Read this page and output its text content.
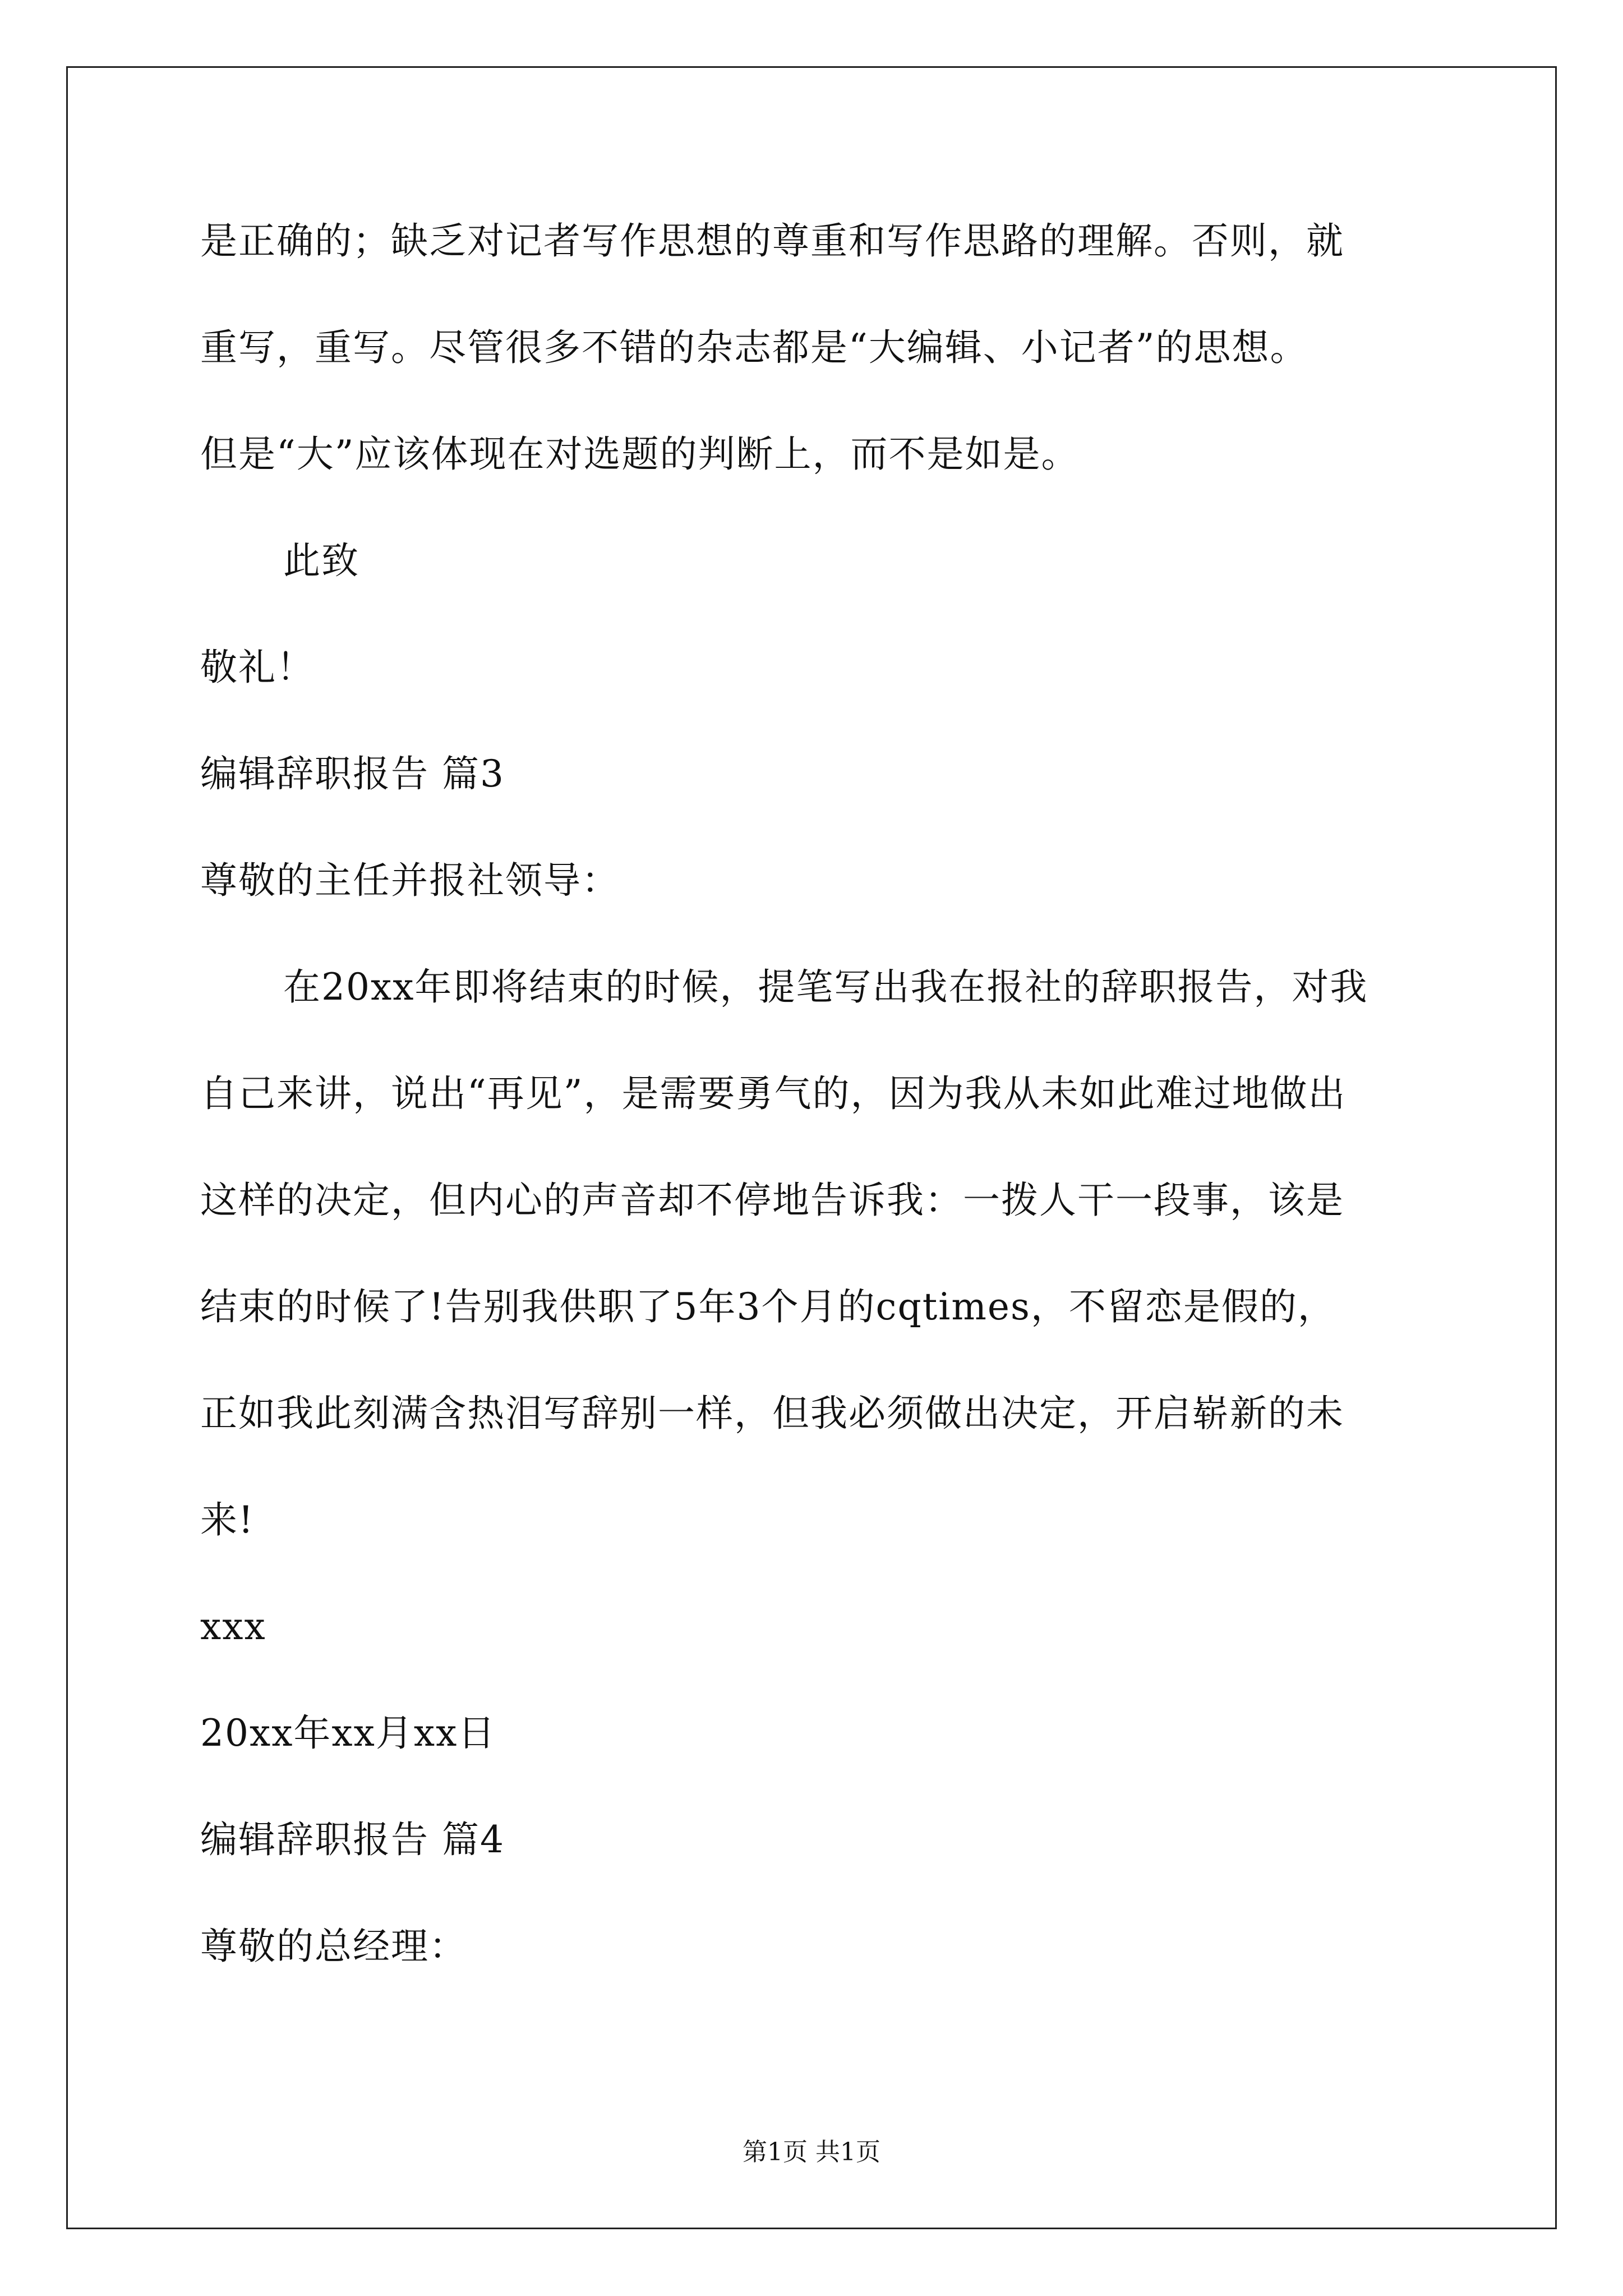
是正确的；缺乏对记者写作思想的尊重和写作思路的理解。否则，就
重写，重写。尽管很多不错的杂志都是“大编辑、小记者”的思想。
但是“大”应该体现在对选题的判断上，而不是如是。
此致
敬礼！
编辑辞职报告 篇3
尊敬的主任并报社领导：
在20xx年即将结束的时候，提笔写出我在报社的辞职报告，对我
自己来讲，说出“再见”，是需要勇气的，因为我从未如此难过地做出
这样的决定，但内心的声音却不停地告诉我：一拨人干一段事，该是
结束的时候了!告别我供职了5年3个月的cqtimes，不留恋是假的，
正如我此刻满含热泪写辞别一样，但我必须做出决定，开启崭新的未
来!
xxx
20xx年xx月xx日
编辑辞职报告 篇4
尊敬的总经理：
第1页 共1页
